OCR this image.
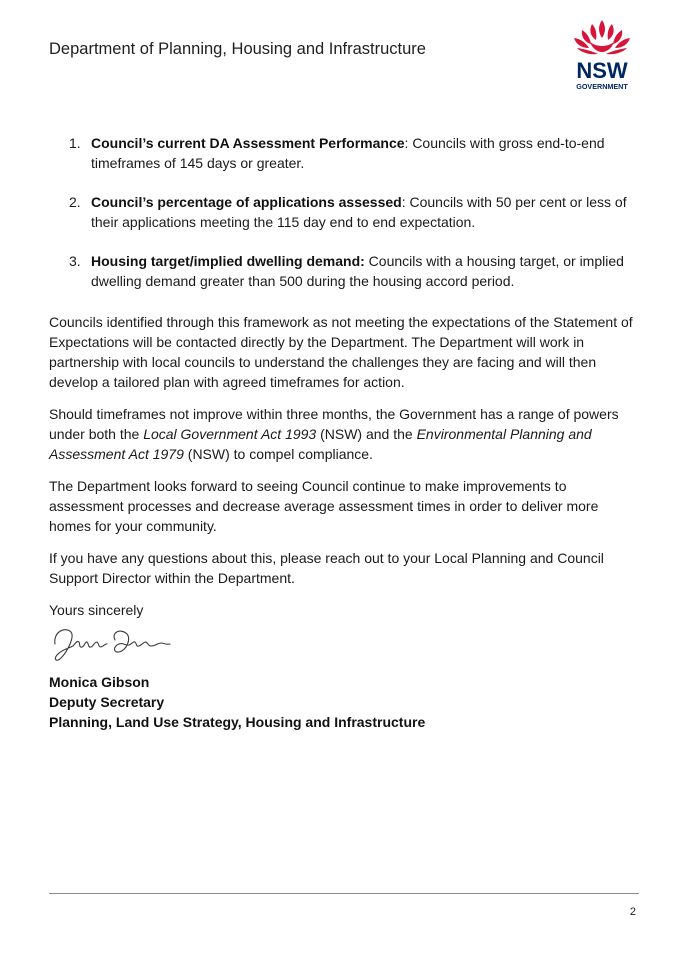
Department of Planning, Housing and Infrastructure
NSW
GOVERNMENT
1. Council’s current DA Assessment Performance: Councils with gross end-to-end timeframes of 145 days or greater.
2. Council’s percentage of applications assessed: Councils with 50 per cent or less of their applications meeting the 115 day end to end expectation.
3. Housing target/implied dwelling demand: Councils with a housing target, or implied dwelling demand greater than 500 during the housing accord period.

Councils identified through this framework as not meeting the expectations of the Statement of Expectations will be contacted directly by the Department. The Department will work in partnership with local councils to understand the challenges they are facing and will then develop a tailored plan with agreed timeframes for action.

Should timeframes not improve within three months, the Government has a range of powers under both the Local Government Act 1993 (NSW) and the Environmental Planning and Assessment Act 1979 (NSW) to compel compliance.

The Department looks forward to seeing Council continue to make improvements to assessment processes and decrease average assessment times in order to deliver more homes for your community.

If you have any questions about this, please reach out to your Local Planning and Council Support Director within the Department.

Yours sincerely

Monica Gibson
Deputy Secretary
Planning, Land Use Strategy, Housing and Infrastructure
2
